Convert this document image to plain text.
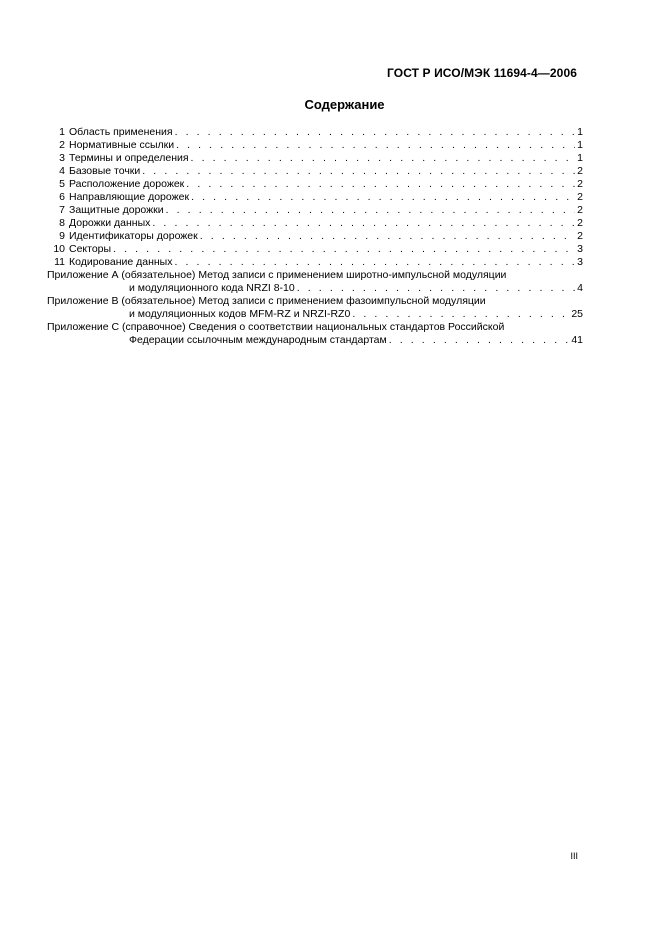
ГОСТ Р ИСО/МЭК 11694-4—2006
Содержание
1 Область применения . . .	1
2 Нормативные ссылки . . .	1
3 Термины и определения . . .	1
4 Базовые точки . . .	2
5 Расположение дорожек . . .	2
6 Направляющие дорожек . . .	2
7 Защитные дорожки . . .	2
8 Дорожки данных . . .	2
9 Идентификаторы дорожек . . .	2
10 Секторы . . .	3
11 Кодирование данных . . .	3
Приложение А (обязательное) Метод записи с применением широтно-импульсной модуляции
и модуляционного кода NRZI 8-10 . . .	4
Приложение В (обязательное) Метод записи с применением фазоимпульсной модуляции
и модуляционных кодов MFM-RZ и NRZI-RZ0 . . .	25
Приложение С (справочное) Сведения о соответствии национальных стандартов Российской
Федерации ссылочным международным стандартам . . .	41
III
